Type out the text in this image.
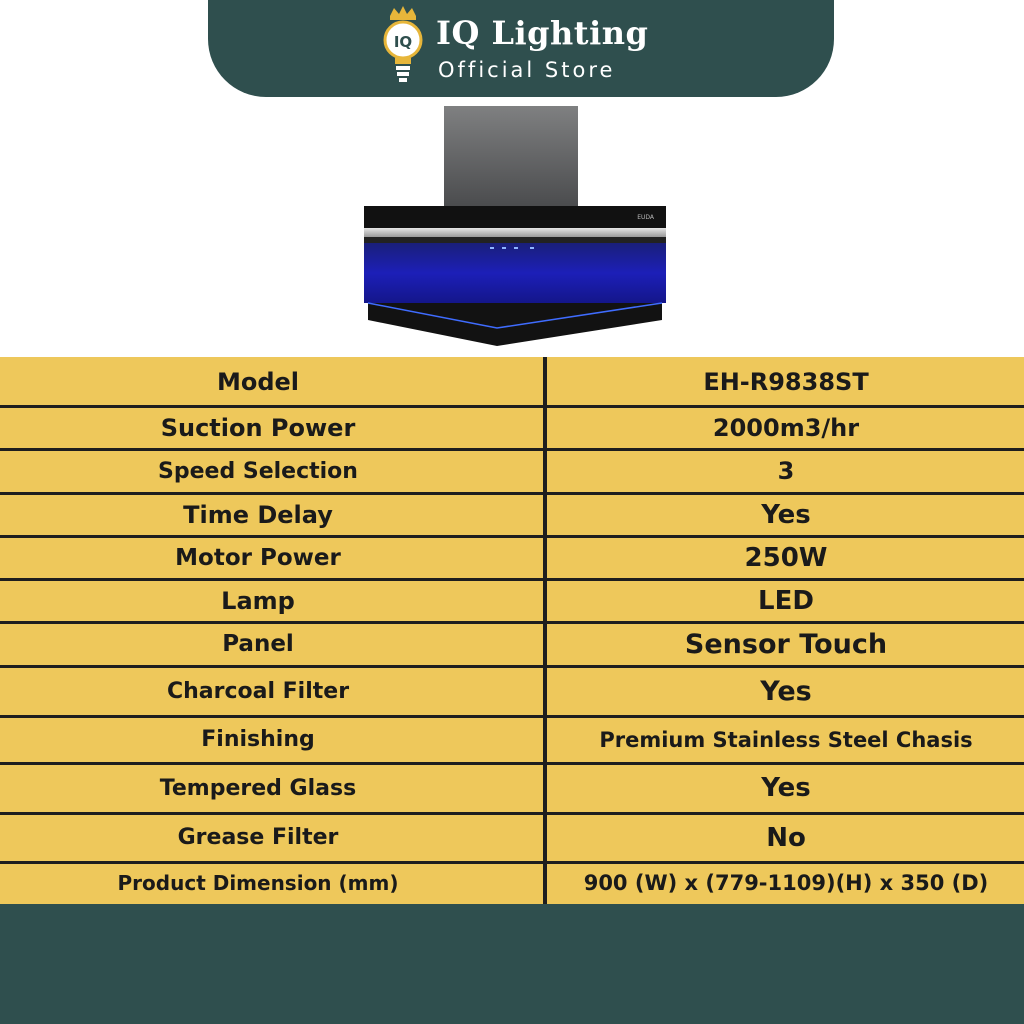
IQ IQ Lighting
Official Store
EUDA
Model	EH-R9838ST
Suction Power	2000m3/hr
Speed Selection	3
Time Delay	Yes
Motor Power	250W
Lamp	LED
Panel	Sensor Touch
Charcoal Filter	Yes
Finishing	Premium Stainless Steel Chasis
Tempered Glass	Yes
Grease Filter	No
Product Dimension (mm)	900 (W) x (779-1109)(H) x 350 (D)
